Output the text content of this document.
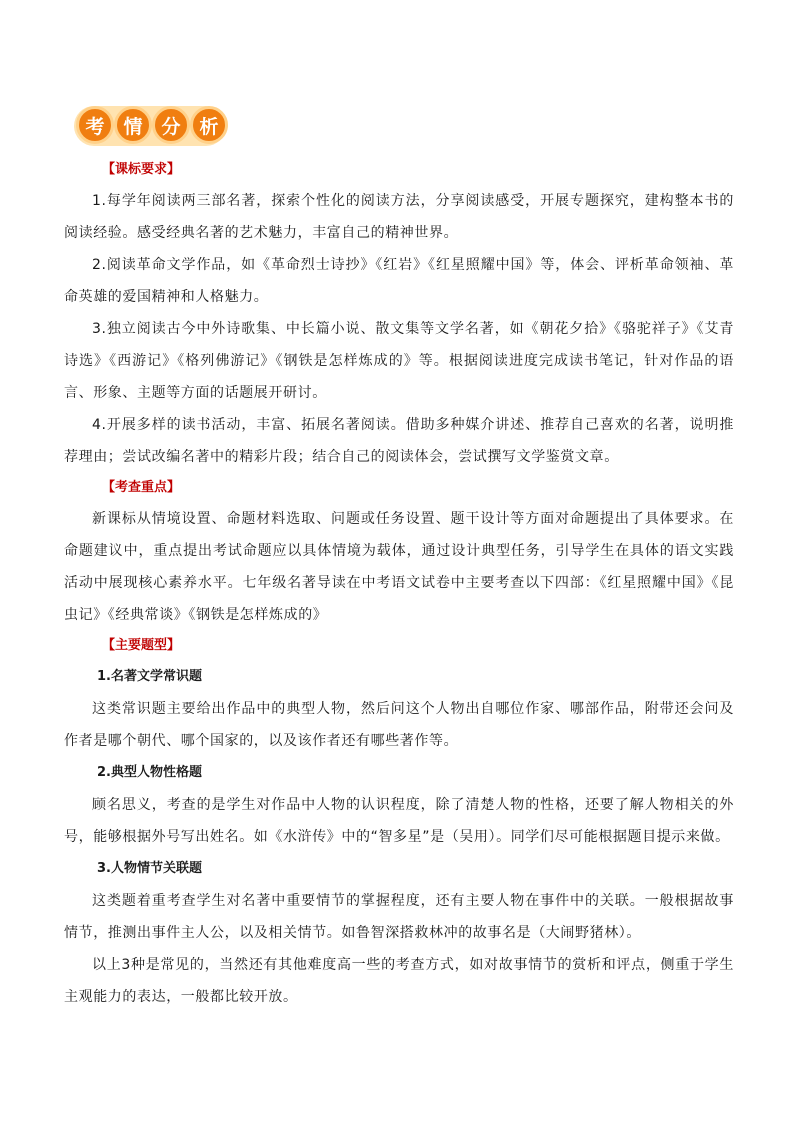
考 情 分 析
【课标要求】

1.每学年阅读两三部名著，探索个性化的阅读方法，分享阅读感受，开展专题探究，建构整本书的阅读经验。感受经典名著的艺术魅力，丰富自己的精神世界。

2.阅读革命文学作品，如《革命烈士诗抄》《红岩》《红星照耀中国》等，体会、评析革命领袖、革命英雄的爱国精神和人格魅力。

3.独立阅读古今中外诗歌集、中长篇小说、散文集等文学名著，如《朝花夕拾》《骆驼祥子》《艾青诗选》《西游记》《格列佛游记》《钢铁是怎样炼成的》等。根据阅读进度完成读书笔记，针对作品的语言、形象、主题等方面的话题展开研讨。

4.开展多样的读书活动，丰富、拓展名著阅读。借助多种媒介讲述、推荐自己喜欢的名著，说明推荐理由；尝试改编名著中的精彩片段；结合自己的阅读体会，尝试撰写文学鉴赏文章。

【考查重点】

新课标从情境设置、命题材料选取、问题或任务设置、题干设计等方面对命题提出了具体要求。在命题建议中，重点提出考试命题应以具体情境为载体，通过设计典型任务，引导学生在具体的语文实践活动中展现核心素养水平。七年级名著导读在中考语文试卷中主要考查以下四部：《红星照耀中国》《昆虫记》《经典常谈》《钢铁是怎样炼成的》

【主要题型】
1.名著文学常识题

这类常识题主要给出作品中的典型人物，然后问这个人物出自哪位作家、哪部作品，附带还会问及作者是哪个朝代、哪个国家的，以及该作者还有哪些著作等。

2.典型人物性格题

顾名思义，考查的是学生对作品中人物的认识程度，除了清楚人物的性格，还要了解人物相关的外号，能够根据外号写出姓名。如《水浒传》中的“智多星”是（吴用）。同学们尽可能根据题目提示来做。

3.人物情节关联题

这类题着重考查学生对名著中重要情节的掌握程度，还有主要人物在事件中的关联。一般根据故事情节，推测出事件主人公，以及相关情节。如鲁智深搭救林冲的故事名是（大闹野猪林）。

以上3种是常见的，当然还有其他难度高一些的考查方式，如对故事情节的赏析和评点，侧重于学生主观能力的表达，一般都比较开放。
